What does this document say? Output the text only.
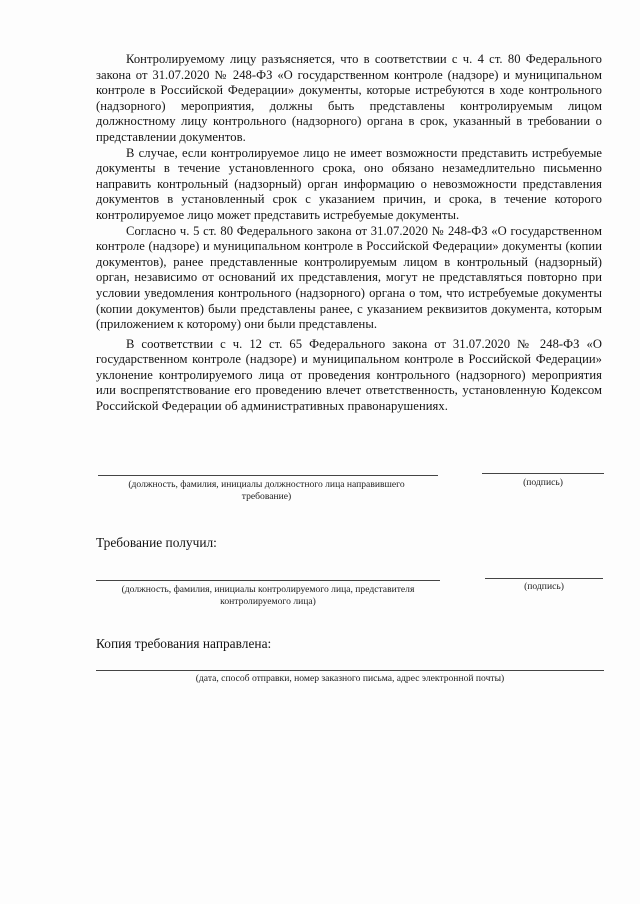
Контролируемому лицу разъясняется, что в соответствии с ч. 4 ст. 80 Федерального закона от 31.07.2020 № 248-ФЗ «О государственном контроле (надзоре) и муниципальном контроле в Российской Федерации» документы, которые истребуются в ходе контрольного (надзорного) мероприятия, должны быть представлены контролируемым лицом должностному лицу контрольного (надзорного) органа в срок, указанный в требовании о представлении документов.

В случае, если контролируемое лицо не имеет возможности представить истребуемые документы в течение установленного срока, оно обязано незамедлительно письменно направить контрольный (надзорный) орган информацию о невозможности представления документов в установленный срок с указанием причин, и срока, в течение которого контролируемое лицо может представить истребуемые документы.

Согласно ч. 5 ст. 80 Федерального закона от 31.07.2020 № 248-ФЗ «О государственном контроле (надзоре) и муниципальном контроле в Российской Федерации» документы (копии документов), ранее представленные контролируемым лицом в контрольный (надзорный) орган, независимо от оснований их представления, могут не представляться повторно при условии уведомления контрольного (надзорного) органа о том, что истребуемые документы (копии документов) были представлены ранее, с указанием реквизитов документа, которым (приложением к которому) они были представлены.

В соответствии с ч. 12 ст. 65 Федерального закона от 31.07.2020 № 248-ФЗ «О государственном контроле (надзоре) и муниципальном контроле в Российской Федерации» уклонение контролируемого лица от проведения контрольного (надзорного) мероприятия или воспрепятствование его проведению влечет ответственность, установленную Кодексом Российской Федерации об административных правонарушениях.

(должность, фамилия, инициалы должностного лица направившего требование)
(подпись)
Требование получил:
(должность, фамилия, инициалы контролируемого лица, представителя контролируемого лица)
(подпись)
Копия требования направлена:
(дата, способ отправки, номер заказного письма, адрес электронной почты)
